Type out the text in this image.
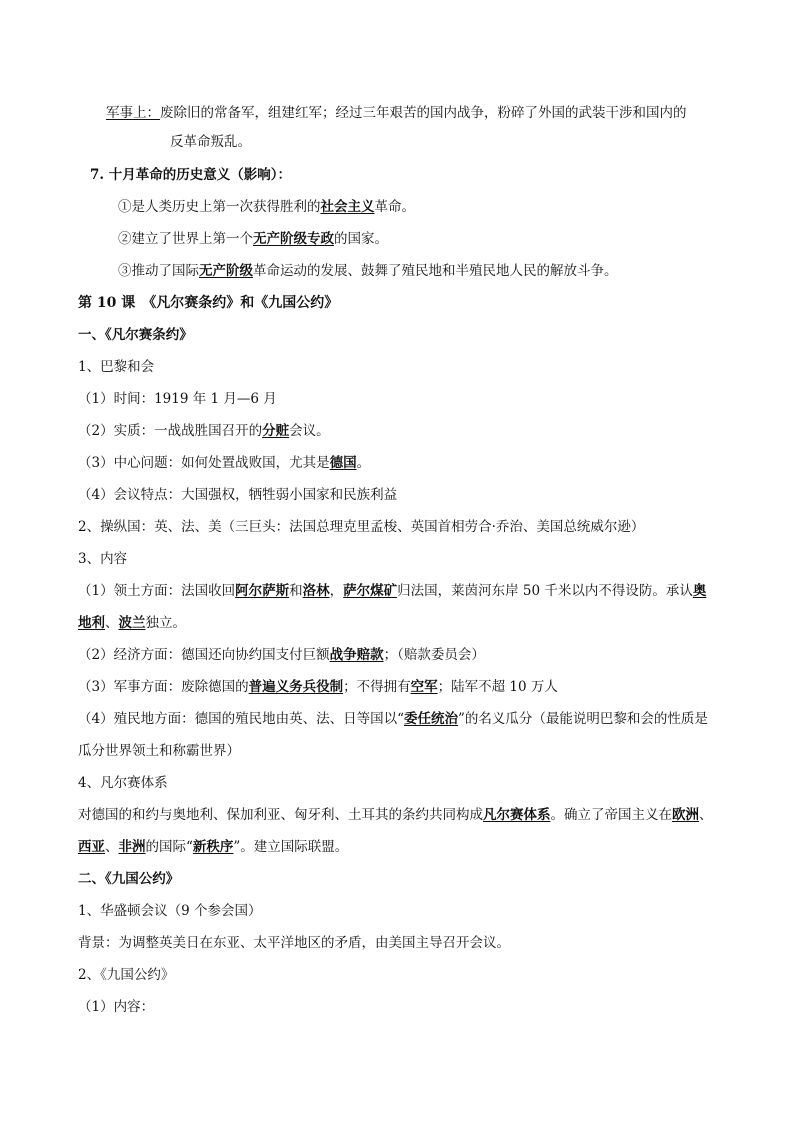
军事上：废除旧的常备军，组建红军；经过三年艰苦的国内战争，粉碎了外国的武装干涉和国内的
反革命叛乱。
7. 十月革命的历史意义（影响）：
①是人类历史上第一次获得胜利的社会主义革命。
②建立了世界上第一个无产阶级专政的国家。
③推动了国际无产阶级革命运动的发展、鼓舞了殖民地和半殖民地人民的解放斗争。
第 10 课　《凡尔赛条约》和《九国公约》
一、《凡尔赛条约》
1、巴黎和会
（1）时间：1919 年 1 月—6 月
（2）实质：一战战胜国召开的分赃会议。
（3）中心问题：如何处置战败国，尤其是德国。
（4）会议特点：大国强权，牺牲弱小国家和民族利益
2、操纵国：英、法、美（三巨头：法国总理克里孟梭、英国首相劳合·乔治、美国总统威尔逊）
3、内容
（1）领土方面：法国收回阿尔萨斯和洛林，萨尔煤矿归法国，莱茵河东岸 50 千米以内不得设防。承认奥
地利、波兰独立。
（2）经济方面：德国还向协约国支付巨额战争赔款；（赔款委员会）
（3）军事方面：废除德国的普遍义务兵役制；不得拥有空军；陆军不超 10 万人
（4）殖民地方面：德国的殖民地由英、法、日等国以“委任统治”的名义瓜分（最能说明巴黎和会的性质是
瓜分世界领土和称霸世界）
4、凡尔赛体系
对德国的和约与奥地利、保加利亚、匈牙利、土耳其的条约共同构成凡尔赛体系。确立了帝国主义在欧洲、
西亚、非洲的国际“新秩序”。建立国际联盟。
二、《九国公约》
1、华盛顿会议（9 个参会国）
背景：为调整英美日在东亚、太平洋地区的矛盾，由美国主导召开会议。
2、《九国公约》
（1）内容：
